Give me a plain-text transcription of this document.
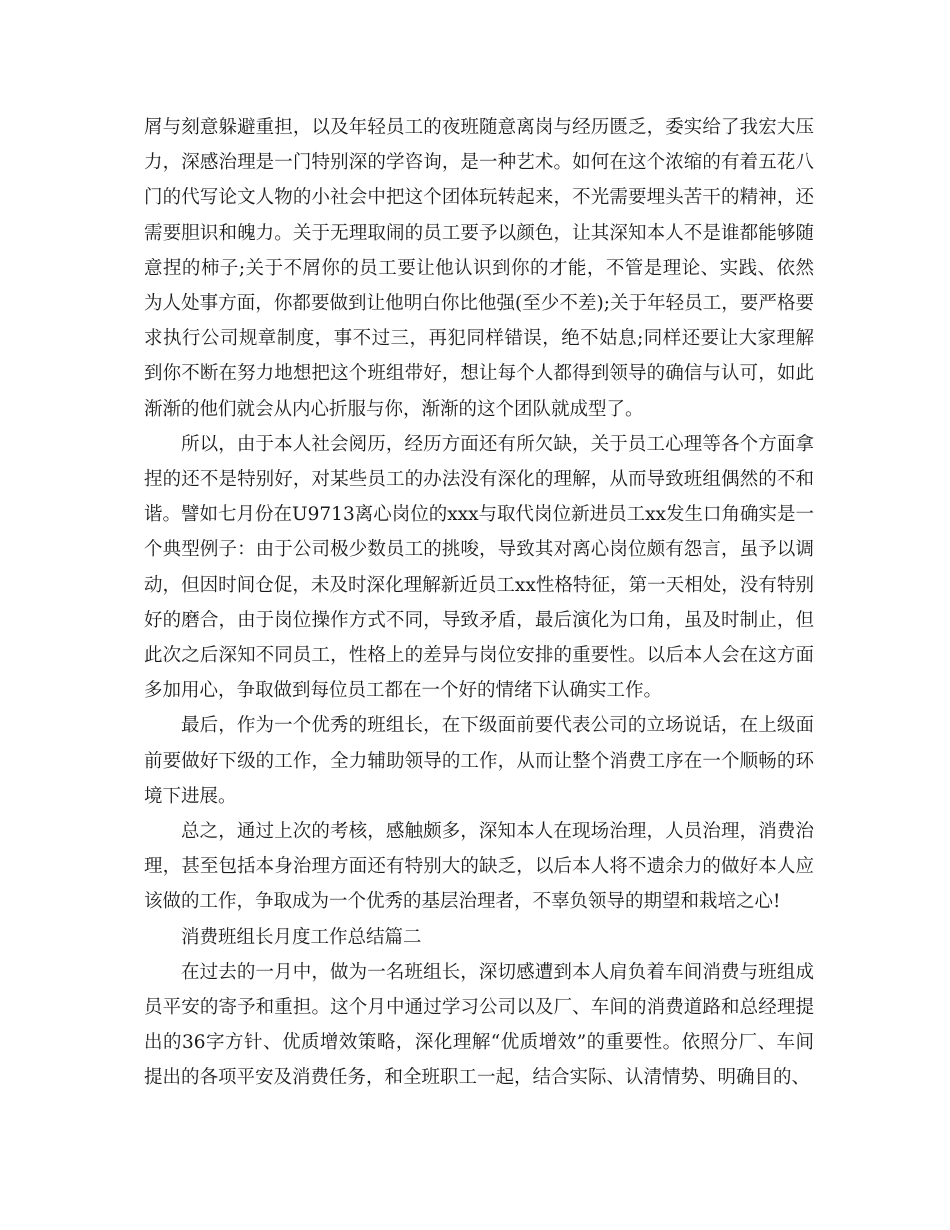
屑与刻意躲避重担，以及年轻员工的夜班随意离岗与经历匮乏，委实给了我宏大压力，深感治理是一门特别深的学咨询，是一种艺术。如何在这个浓缩的有着五花八门的代写论文人物的小社会中把这个团体玩转起来，不光需要埋头苦干的精神，还需要胆识和魄力。关于无理取闹的员工要予以颜色，让其深知本人不是谁都能够随意捏的柿子;关于不屑你的员工要让他认识到你的才能，不管是理论、实践、依然为人处事方面，你都要做到让他明白你比他强(至少不差);关于年轻员工，要严格要求执行公司规章制度，事不过三，再犯同样错误，绝不姑息;同样还要让大家理解到你不断在努力地想把这个班组带好，想让每个人都得到领导的确信与认可，如此渐渐的他们就会从内心折服与你，渐渐的这个团队就成型了。

所以，由于本人社会阅历，经历方面还有所欠缺，关于员工心理等各个方面拿捏的还不是特别好，对某些员工的办法没有深化的理解，从而导致班组偶然的不和谐。譬如七月份在U9713离心岗位的xxx与取代岗位新进员工xx发生口角确实是一个典型例子：由于公司极少数员工的挑唆，导致其对离心岗位颇有怨言，虽予以调动，但因时间仓促，未及时深化理解新近员工xx性格特征，第一天相处，没有特别好的磨合，由于岗位操作方式不同，导致矛盾，最后演化为口角，虽及时制止，但此次之后深知不同员工，性格上的差异与岗位安排的重要性。以后本人会在这方面多加用心，争取做到每位员工都在一个好的情绪下认确实工作。

最后，作为一个优秀的班组长，在下级面前要代表公司的立场说话，在上级面前要做好下级的工作，全力辅助领导的工作，从而让整个消费工序在一个顺畅的环境下进展。

总之，通过上次的考核，感触颇多，深知本人在现场治理，人员治理，消费治理，甚至包括本身治理方面还有特别大的缺乏，以后本人将不遗余力的做好本人应该做的工作，争取成为一个优秀的基层治理者，不辜负领导的期望和栽培之心!

消费班组长月度工作总结篇二

在过去的一月中，做为一名班组长，深切感遭到本人肩负着车间消费与班组成员平安的寄予和重担。这个月中通过学习公司以及厂、车间的消费道路和总经理提出的36字方针、优质增效策略，深化理解“优质增效”的重要性。依照分厂、车间提出的各项平安及消费任务，和全班职工一起，结合实际、认清情势、明确目的、
